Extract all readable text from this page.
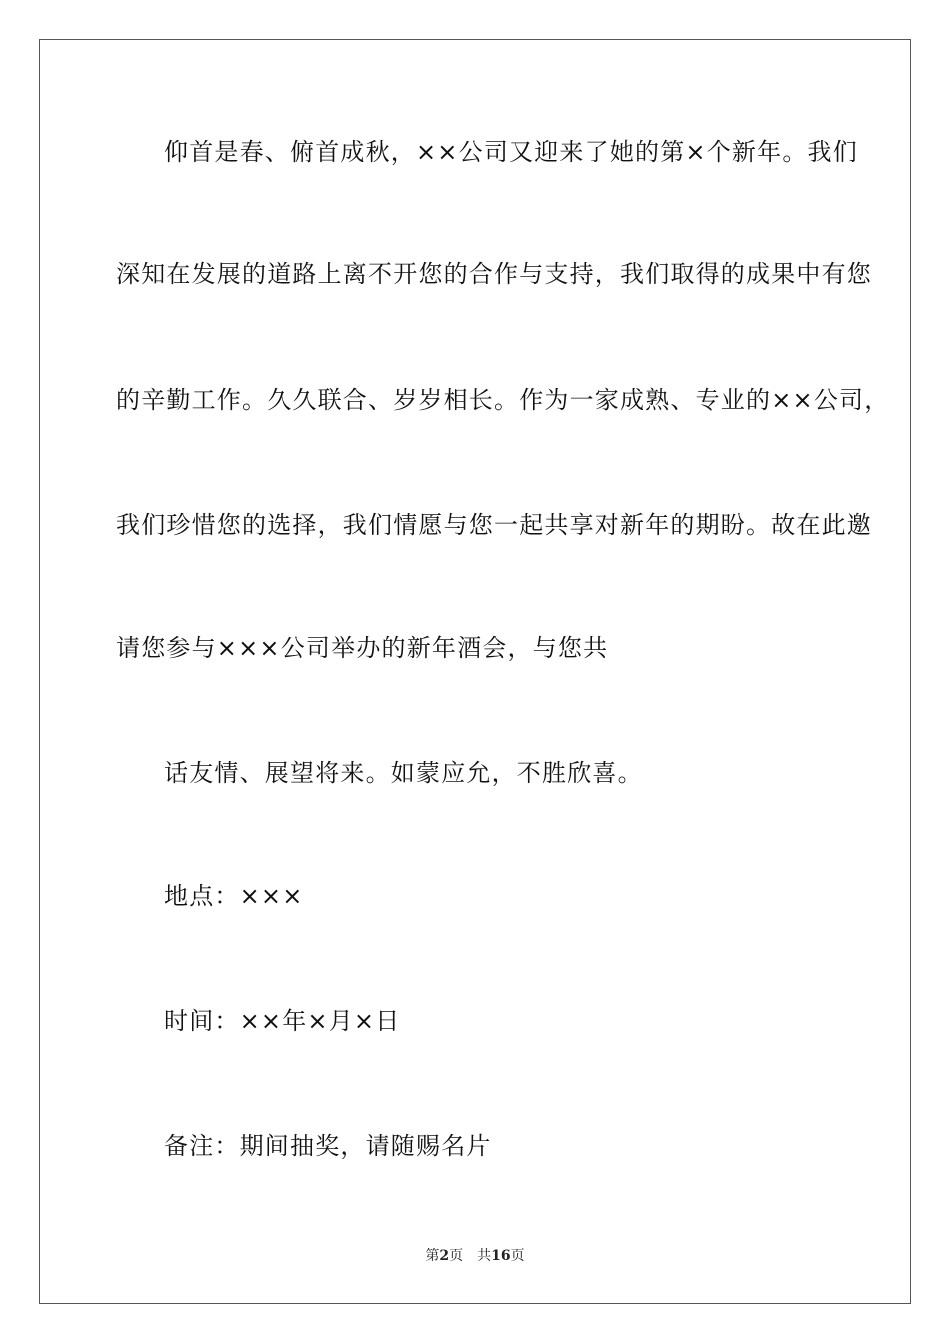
仰首是春、俯首成秋，××公司又迎来了她的第×个新年。我们
深知在发展的道路上离不开您的合作与支持，我们取得的成果中有您
的辛勤工作。久久联合、岁岁相长。作为一家成熟、专业的××公司，
我们珍惜您的选择，我们情愿与您一起共享对新年的期盼。故在此邀
请您参与×××公司举办的新年酒会，与您共
话友情、展望将来。如蒙应允，不胜欣喜。
地点：×××
时间：××年×月×日
备注：期间抽奖，请随赐名片
第2页 共16页
